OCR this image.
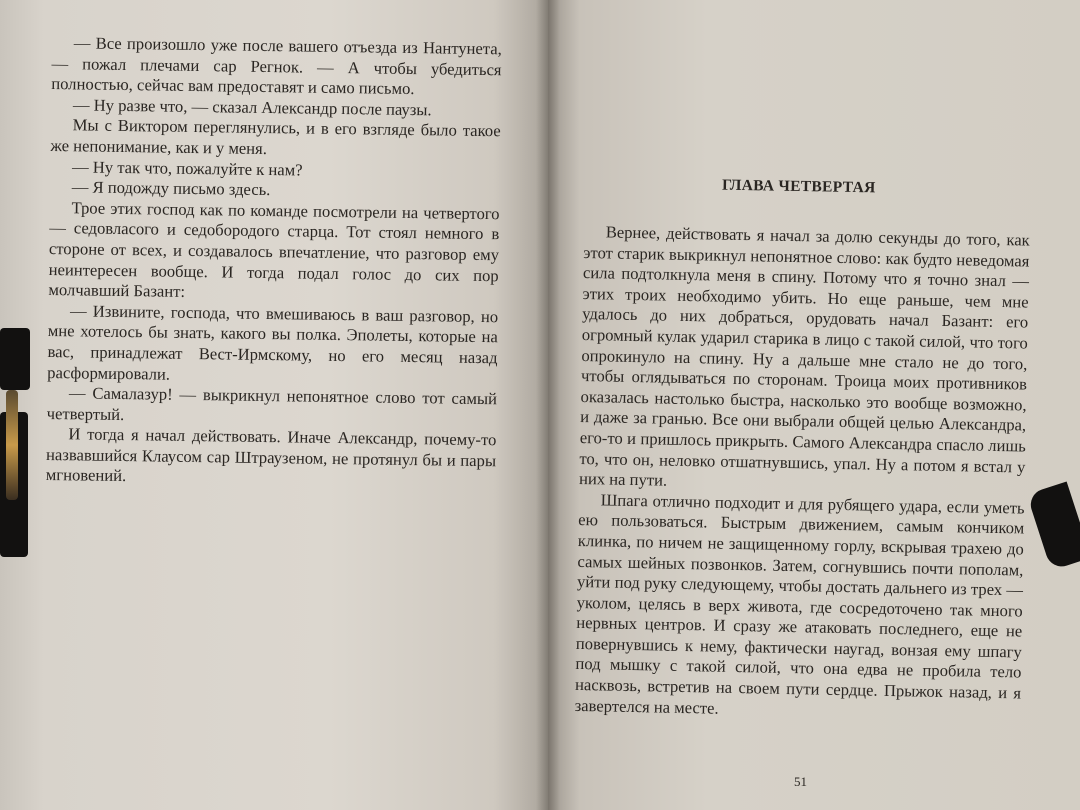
— Все произошло уже после вашего отъезда из Нантунета, — пожал плечами сар Регнок. — А чтобы убедиться полностью, сейчас вам предоставят и само письмо.

— Ну разве что, — сказал Александр после паузы.

Мы с Виктором переглянулись, и в его взгляде было такое же непонимание, как и у меня.

— Ну так что, пожалуйте к нам?

— Я подожду письмо здесь.

Трое этих господ как по команде посмотрели на четвертого — седовласого и седобородого старца. Тот стоял немного в стороне от всех, и создавалось впечатление, что разговор ему неинтересен вообще. И тогда подал голос до сих пор молчавший Базант:

— Извините, господа, что вмешиваюсь в ваш разговор, но мне хотелось бы знать, какого вы полка. Эполеты, которые на вас, принадлежат Вест-Ирмскому, но его месяц назад расформировали.

— Самалазур! — выкрикнул непонятное слово тот самый четвертый.

И тогда я начал действовать. Иначе Александр, почему-то назвавшийся Клаусом сар Штраузеном, не протянул бы и пары мгновений.

ГЛАВА ЧЕТВЕРТАЯ

Вернее, действовать я начал за долю секунды до того, как этот старик выкрикнул непонятное слово: как будто неведомая сила подтолкнула меня в спину. Потому что я точно знал — этих троих необходимо убить. Но еще раньше, чем мне удалось до них добраться, орудовать начал Базант: его огромный кулак ударил старика в лицо с такой силой, что того опрокинуло на спину. Ну а дальше мне стало не до того, чтобы оглядываться по сторонам. Троица моих противников оказалась настолько быстра, насколько это вообще возможно, и даже за гранью. Все они выбрали общей целью Александра, его-то и пришлось прикрыть. Самого Александра спасло лишь то, что он, неловко отшатнувшись, упал. Ну а потом я встал у них на пути.

Шпага отлично подходит и для рубящего удара, если уметь ею пользоваться. Быстрым движением, самым кончиком клинка, по ничем не защищенному горлу, вскрывая трахею до самых шейных позвонков. Затем, согнувшись почти пополам, уйти под руку следующему, чтобы достать дальнего из трех — уколом, целясь в верх живота, где сосредоточено так много нервных центров. И сразу же атаковать последнего, еще не повернувшись к нему, фактически наугад, вонзая ему шпагу под мышку с такой силой, что она едва не пробила тело насквозь, встретив на своем пути сердце. Прыжок назад, и я завертелся на месте.

51
